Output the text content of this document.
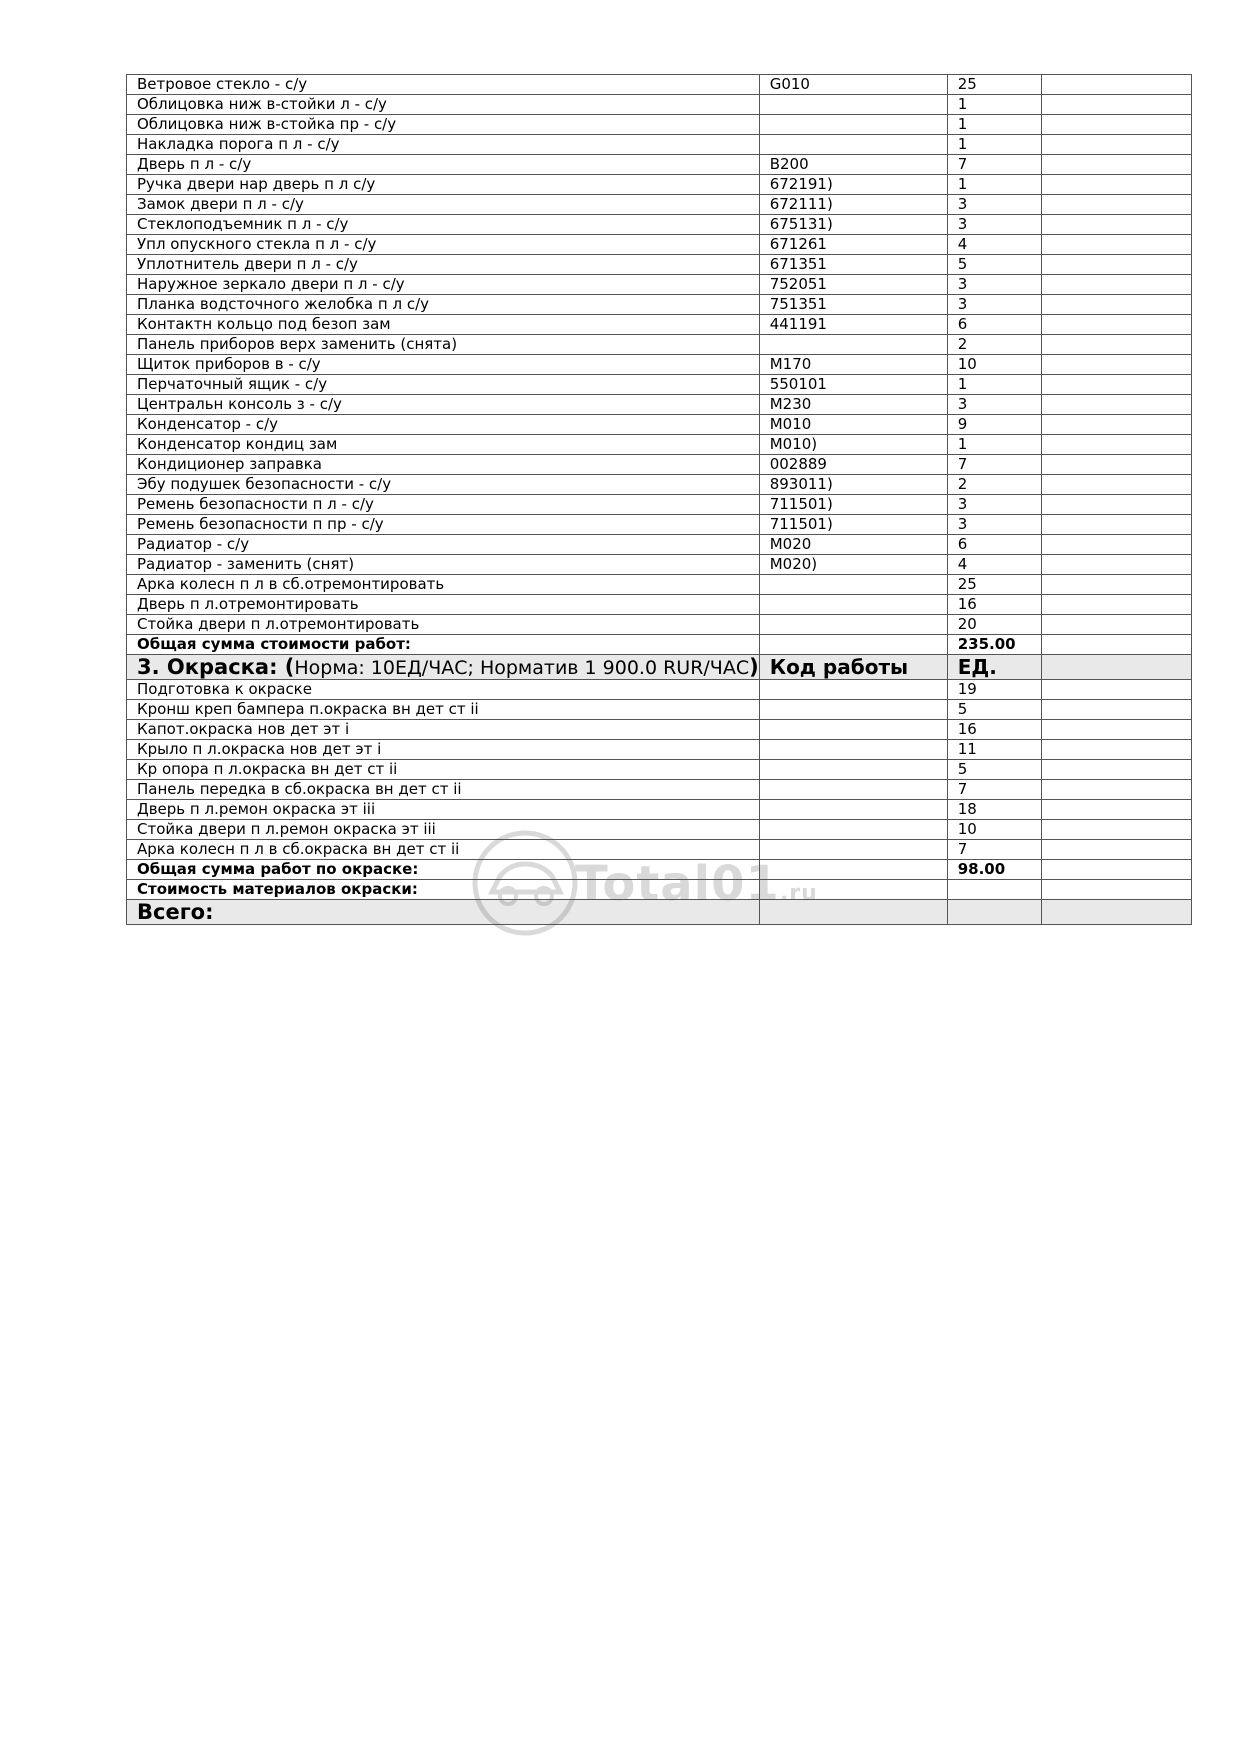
Ветровое стекло - с/у	G010	25	
Облицовка ниж в-стойки л - с/у		1	
Облицовка ниж в-стойка пр - с/у		1	
Накладка порога п л - с/у		1	
Дверь п л - с/у	B200	7	
Ручка двери нар дверь п л с/у	672191)	1	
Замок двери п л - с/у	672111)	3	
Стеклоподъемник п л - с/у	675131)	3	
Упл опускного стекла п л - с/у	671261	4	
Уплотнитель двери п л - с/у	671351	5	
Наружное зеркало двери п л - с/у	752051	3	
Планка водсточного желобка п л с/у	751351	3	
Контактн кольцо под безоп зам	441191	6	
Панель приборов верх заменить (снята)		2	
Щиток приборов в - с/у	M170	10	
Перчаточный ящик - с/у	550101	1	
Центральн консоль з - с/у	M230	3	
Конденсатор - с/у	M010	9	
Конденсатор кондиц зам	M010)	1	
Кондиционер заправка	002889	7	
Эбу подушек безопасности - с/у	893011)	2	
Ремень безопасности п л - с/у	711501)	3	
Ремень безопасности п пр - с/у	711501)	3	
Радиатор - с/у	M020	6	
Радиатор - заменить (снят)	M020)	4	
Арка колесн п л в сб.отремонтировать		25	
Дверь п л.отремонтировать		16	
Стойка двери п л.отремонтировать		20	
Общая сумма стоимости работ:		235.00	
3. Окраска: (Норма: 10ЕД/ЧАС; Норматив 1 900.0 RUR/ЧАС)	Код работы	ЕД.	
Подготовка к окраске		19	
Кронш креп бампера п.окраска вн дет ст ii		5	
Капот.окраска нов дет эт i		16	
Крыло п л.окраска нов дет эт i		11	
Кр опора п л.окраска вн дет ст ii		5	
Панель передка в сб.окраска вн дет ст ii		7	
Дверь п л.ремон окраска эт iii		18	
Стойка двери п л.ремон окраска эт iii		10	
Арка колесн п л в сб.окраска вн дет ст ii		7	
Общая сумма работ по окраске:		98.00	
Стоимость материалов окраски:			
Всего:				Total01.ru
